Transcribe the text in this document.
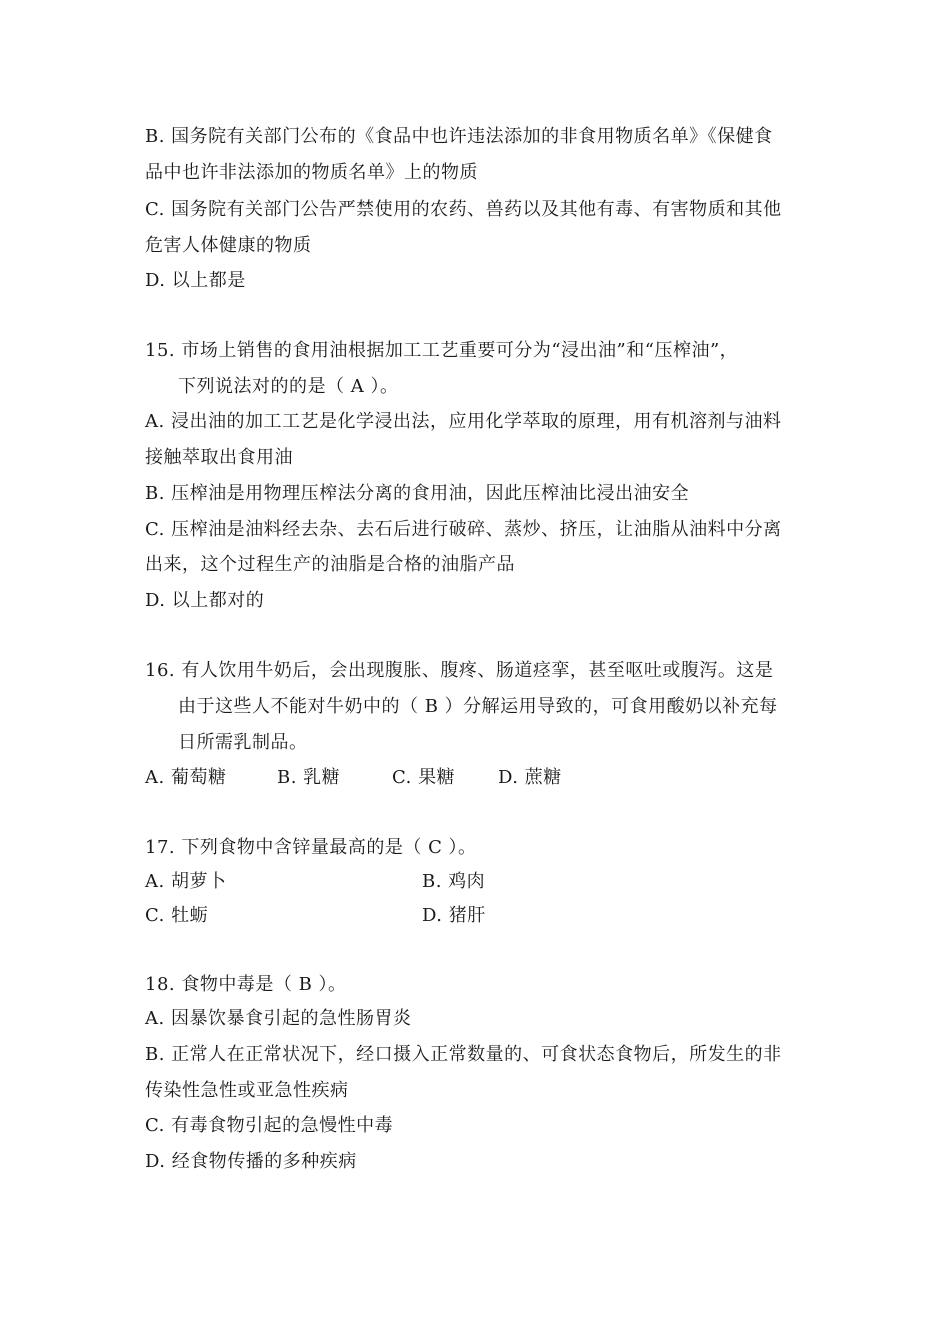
B. 国务院有关部门公布的《食品中也许违法添加的非食用物质名单》《保健食
品中也许非法添加的物质名单》上的物质
C. 国务院有关部门公告严禁使用的农药、兽药以及其他有毒、有害物质和其他
危害人体健康的物质
D. 以上都是
15. 市场上销售的食用油根据加工工艺重要可分为“浸出油”和“压榨油”，
下列说法对的的是（ A ）。
A. 浸出油的加工工艺是化学浸出法，应用化学萃取的原理，用有机溶剂与油料
接触萃取出食用油
B. 压榨油是用物理压榨法分离的食用油，因此压榨油比浸出油安全
C. 压榨油是油料经去杂、去石后进行破碎、蒸炒、挤压，让油脂从油料中分离
出来，这个过程生产的油脂是合格的油脂产品
D. 以上都对的
16. 有人饮用牛奶后，会出现腹胀、腹疼、肠道痉挛，甚至呕吐或腹泻。这是
由于这些人不能对牛奶中的（ B ）分解运用导致的，可食用酸奶以补充每
日所需乳制品。
A. 葡萄糖	B. 乳糖	C. 果糖 D. 蔗糖
17. 下列食物中含锌量最高的是（ C ）。
A. 胡萝卜	B. 鸡肉
C. 牡蛎	D. 猪肝
18. 食物中毒是（ B ）。
A. 因暴饮暴食引起的急性肠胃炎
B. 正常人在正常状况下，经口摄入正常数量的、可食状态食物后，所发生的非
传染性急性或亚急性疾病
C. 有毒食物引起的急慢性中毒
D. 经食物传播的多种疾病
